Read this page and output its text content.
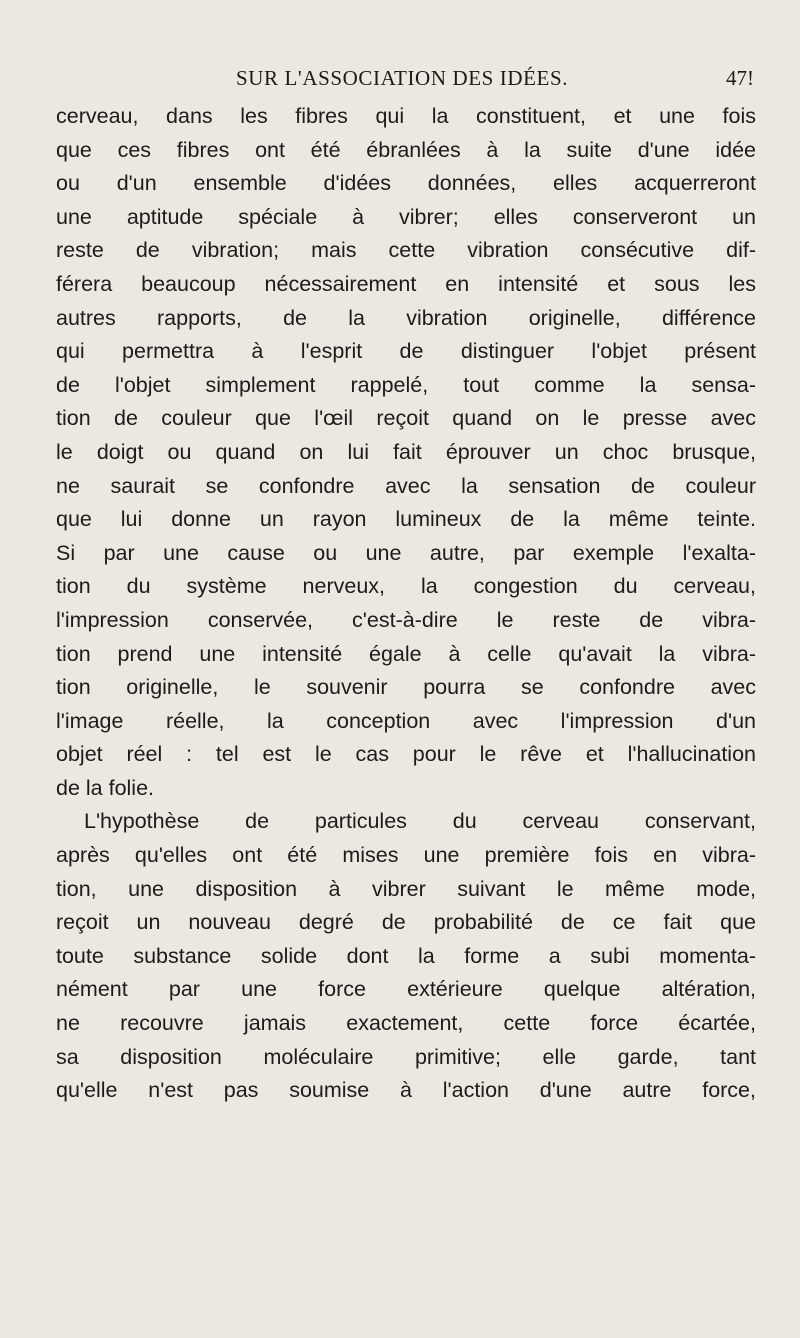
SUR L'ASSOCIATION DES IDÉES.	47!
cerveau, dans les fibres qui la constituent, et une fois
que ces fibres ont été ébranlées à la suite d'une idée
ou d'un ensemble d'idées données, elles acquerreront
une aptitude spéciale à vibrer; elles conserveront un
reste de vibration; mais cette vibration consécutive dif-
férera beaucoup nécessairement en intensité et sous les
autres rapports, de la vibration originelle, différence
qui permettra à l'esprit de distinguer l'objet présent
de l'objet simplement rappelé, tout comme la sensa-
tion de couleur que l'œil reçoit quand on le presse avec
le doigt ou quand on lui fait éprouver un choc brusque,
ne saurait se confondre avec la sensation de couleur
que lui donne un rayon lumineux de la même teinte.
Si par une cause ou une autre, par exemple l'exalta-
tion du système nerveux, la congestion du cerveau,
l'impression conservée, c'est-à-dire le reste de vibra-
tion prend une intensité égale à celle qu'avait la vibra-
tion originelle, le souvenir pourra se confondre avec
l'image réelle, la conception avec l'impression d'un
objet réel : tel est le cas pour le rêve et l'hallucination
de la folie.
L'hypothèse de particules du cerveau conservant,
après qu'elles ont été mises une première fois en vibra-
tion, une disposition à vibrer suivant le même mode,
reçoit un nouveau degré de probabilité de ce fait que
toute substance solide dont la forme a subi momenta-
nément par une force extérieure quelque altération,
ne recouvre jamais exactement, cette force écartée,
sa disposition moléculaire primitive; elle garde, tant
qu'elle n'est pas soumise à l'action d'une autre force,
